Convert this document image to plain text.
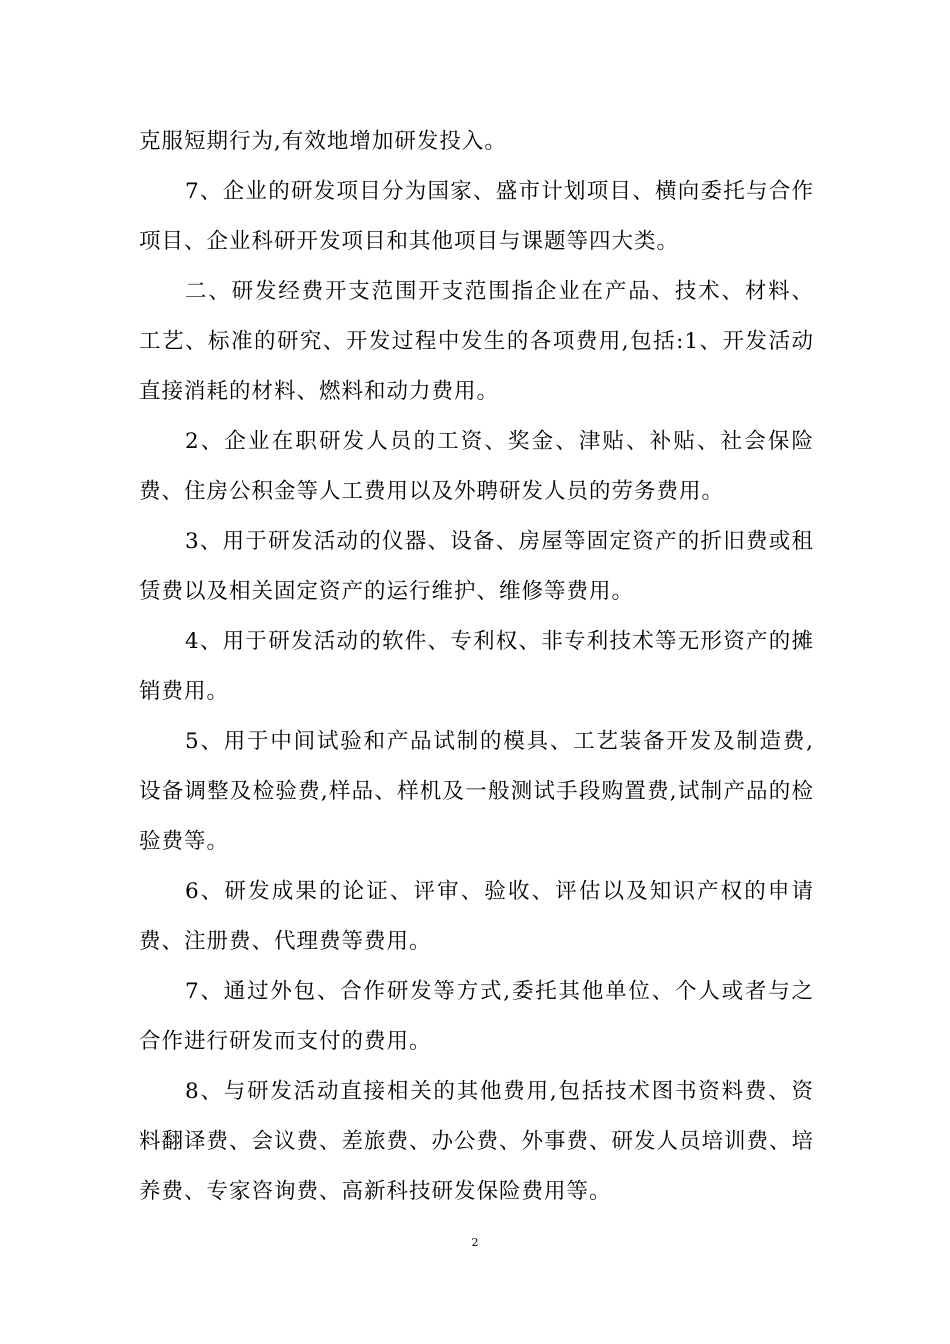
克服短期行为,有效地增加研发投入。

7、企业的研发项目分为国家、盛市计划项目、横向委托与合作项目、企业科研开发项目和其他项目与课题等四大类。

二、研发经费开支范围开支范围指企业在产品、技术、材料、工艺、标准的研究、开发过程中发生的各项费用,包括:1、开发活动直接消耗的材料、燃料和动力费用。

2、企业在职研发人员的工资、奖金、津贴、补贴、社会保险费、住房公积金等人工费用以及外聘研发人员的劳务费用。

3、用于研发活动的仪器、设备、房屋等固定资产的折旧费或租赁费以及相关固定资产的运行维护、维修等费用。

4、用于研发活动的软件、专利权、非专利技术等无形资产的摊销费用。

5、用于中间试验和产品试制的模具、工艺装备开发及制造费,设备调整及检验费,样品、样机及一般测试手段购置费,试制产品的检验费等。

6、研发成果的论证、评审、验收、评估以及知识产权的申请费、注册费、代理费等费用。

7、通过外包、合作研发等方式,委托其他单位、个人或者与之合作进行研发而支付的费用。

8、与研发活动直接相关的其他费用,包括技术图书资料费、资料翻译费、会议费、差旅费、办公费、外事费、研发人员培训费、培养费、专家咨询费、高新科技研发保险费用等。

2
